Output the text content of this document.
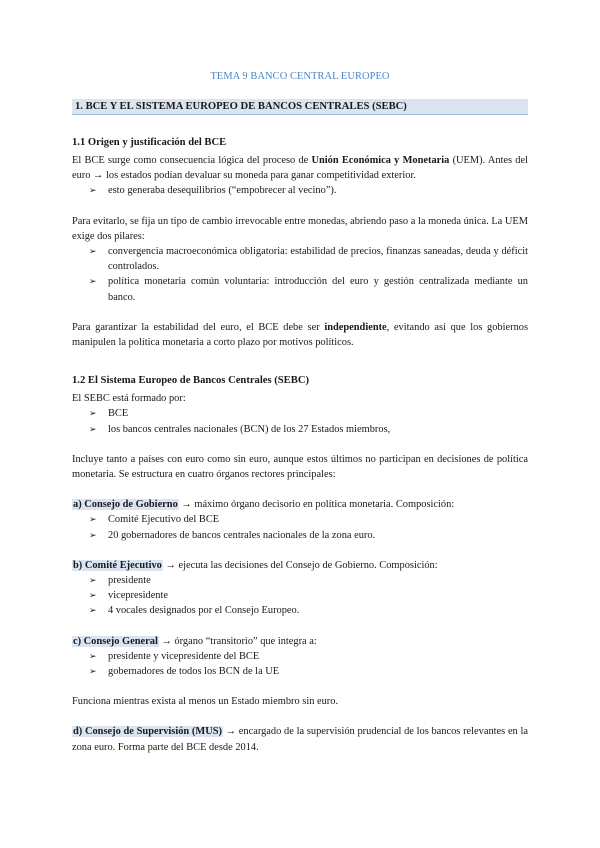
TEMA 9 BANCO CENTRAL EUROPEO
1. BCE Y EL SISTEMA EUROPEO DE BANCOS CENTRALES (SEBC)
1.1 Origen y justificación del BCE

El BCE surge como consecuencia lógica del proceso de Unión Económica y Monetaria (UEM). Antes del euro → los estados podían devaluar su moneda para ganar competitividad exterior.

➢ esto generaba desequilibrios (“empobrecer al vecino”).

Para evitarlo, se fija un tipo de cambio irrevocable entre monedas, abriendo paso a la moneda única. La UEM exige dos pilares:

➢ convergencia macroeconómica obligatoria: estabilidad de precios, finanzas saneadas, deuda y déficit controlados.
➢ política monetaria común voluntaria: introducción del euro y gestión centralizada mediante un banco.

Para garantizar la estabilidad del euro, el BCE debe ser independiente, evitando así que los gobiernos manipulen la política monetaria a corto plazo por motivos políticos.

1.2 El Sistema Europeo de Bancos Centrales (SEBC)

El SEBC está formado por:

➢ BCE
➢ los bancos centrales nacionales (BCN) de los 27 Estados miembros,

Incluye tanto a países con euro como sin euro, aunque estos últimos no participan en decisiones de política monetaria. Se estructura en cuatro órganos rectores principales:

a) Consejo de Gobierno → máximo órgano decisorio en política monetaria. Composición:

➢ Comité Ejecutivo del BCE
➢ 20 gobernadores de bancos centrales nacionales de la zona euro.

b) Comité Ejecutivo → ejecuta las decisiones del Consejo de Gobierno. Composición:

➢ presidente
➢ vicepresidente
➢ 4 vocales designados por el Consejo Europeo.

c) Consejo General → órgano “transitorio” que integra a:

➢ presidente y vicepresidente del BCE
➢ gobernadores de todos los BCN de la UE

Funciona mientras exista al menos un Estado miembro sin euro.

d) Consejo de Supervisión (MUS) → encargado de la supervisión prudencial de los bancos relevantes en la zona euro. Forma parte del BCE desde 2014.
